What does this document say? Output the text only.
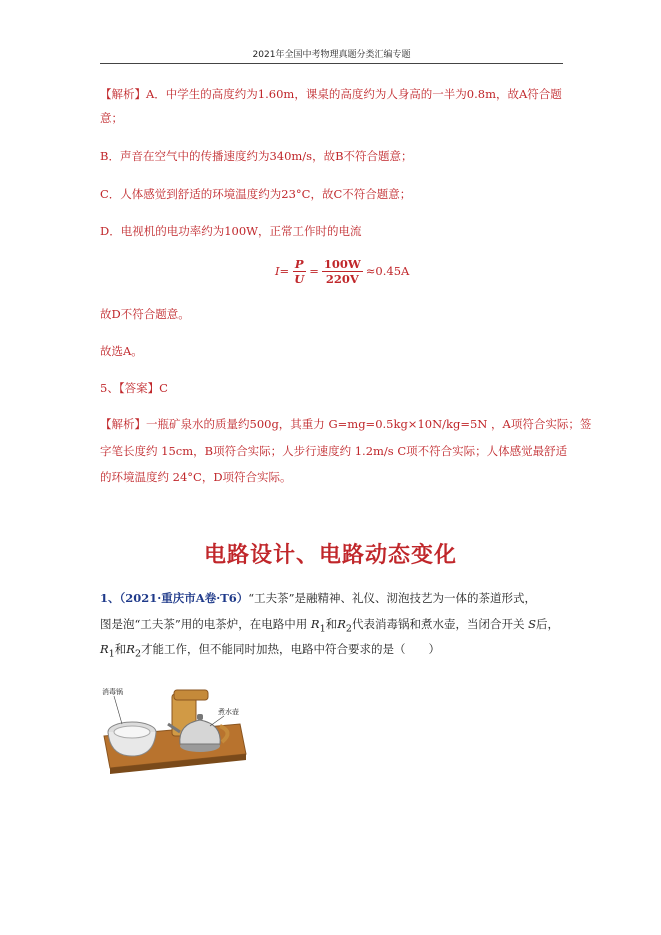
2021年全国中考物理真题分类汇编专题
【解析】A．中学生的高度约为1.60m，课桌的高度约为人身高的一半为0.8m，故A符合题
意；
B．声音在空气中的传播速度约为340m/s，故B不符合题意；
C．人体感觉到舒适的环境温度约为23°C，故C不符合题意；
D．电视机的电功率约为100W，正常工作时的电流
$I= \frac{P}{U} = \frac{100W}{220V} \approx 0.45A$
故D不符合题意。
故选A。
5、【答案】C
【解析】一瓶矿泉水的质量约500g，其重力 G=mg=0.5kg×10N/kg=5N ，A项符合实际；签
字笔长度约 15cm，B项符合实际；人步行速度约 1.2m/s C项不符合实际；人体感觉最舒适
的环境温度约 24°C，D项符合实际。
电路设计、电路动态变化
1、（2021·重庆市A卷·T6）“工夫茶”是融精神、礼仪、沏泡技艺为一体的茶道形式，
图是泡“工夫茶”用的电茶炉，在电路中用 $R_1$和$R_2$代表消毒锅和煮水壶，当闭合开关 S后，
$R_1$和$R_2$才能工作，但不能同时加热，电路中符合要求的是（　　）
消毒锅
煮水壶
